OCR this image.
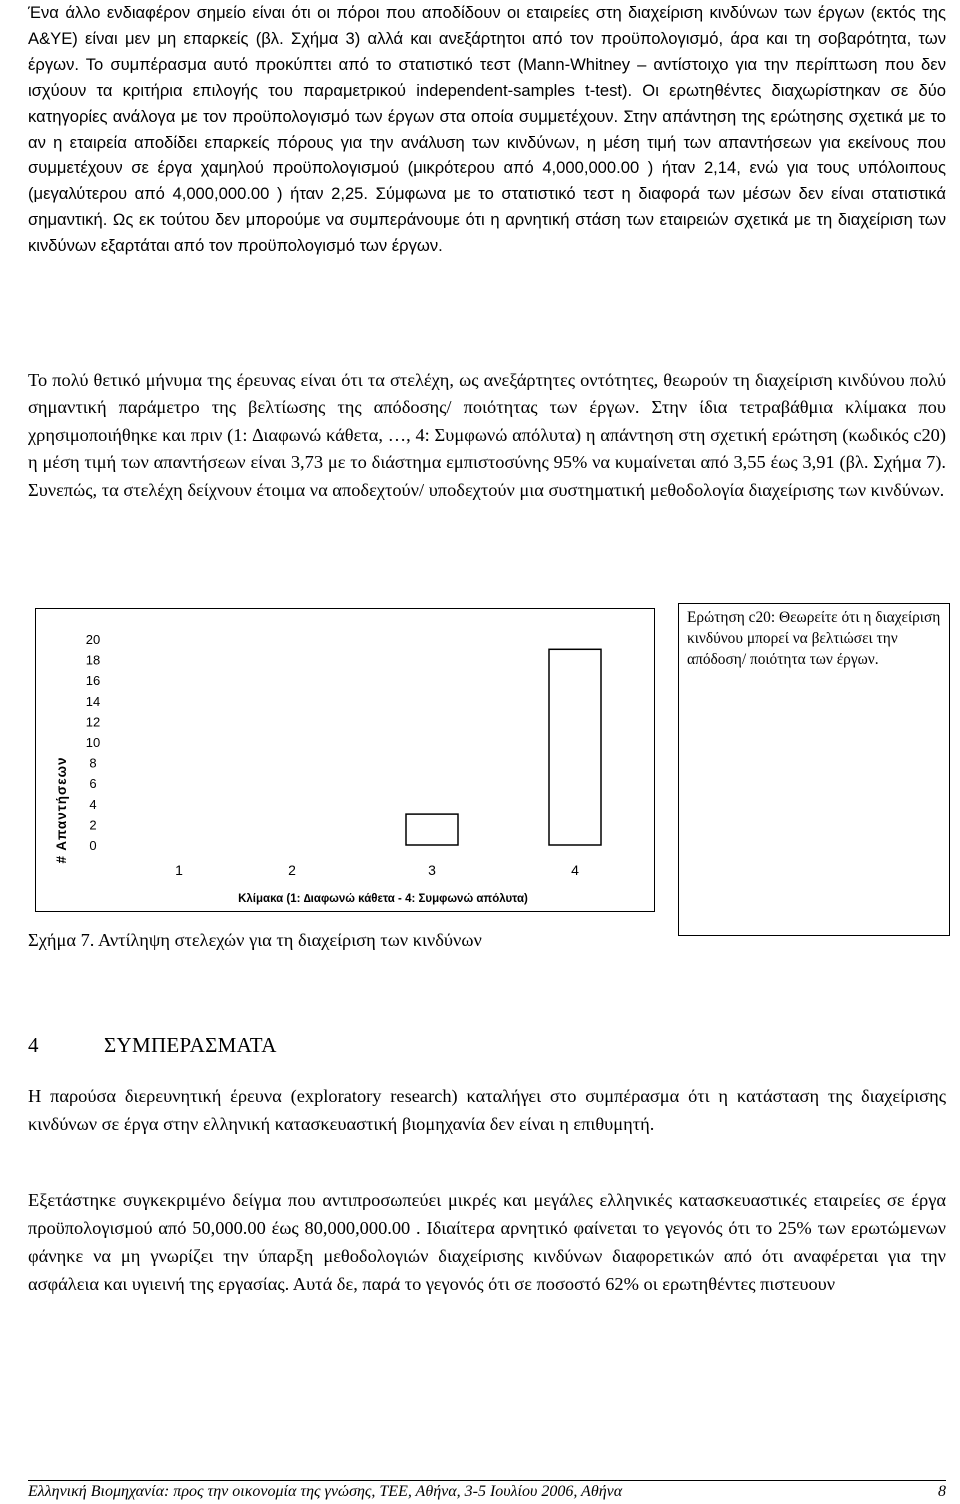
Ένα άλλο ενδιαφέρον σημείο είναι ότι οι πόροι που αποδίδουν οι εταιρείες στη διαχείριση κινδύνων των έργων (εκτός της Α&ΥΕ) είναι μεν μη επαρκείς (βλ. Σχήμα 3) αλλά και ανεξάρτητοι από τον προϋπολογισμό, άρα και τη σοβαρότητα, των έργων. Το συμπέρασμα αυτό προκύπτει από το στατιστικό τεστ (Mann-Whitney – αντίστοιχο για την περίπτωση που δεν ισχύουν τα κριτήρια επιλογής του παραμετρικού independent-samples t-test). Οι ερωτηθέντες διαχωρίστηκαν σε δύο κατηγορίες ανάλογα με τον προϋπολογισμό των έργων στα οποία συμμετέχουν. Στην απάντηση της ερώτησης σχετικά με το αν η εταιρεία αποδίδει επαρκείς πόρους για την ανάλυση των κινδύνων, η μέση τιμή των απαντήσεων για εκείνους που συμμετέχουν σε έργα χαμηλού προϋπολογισμού (μικρότερου από 4,000,000.00 ) ήταν 2,14, ενώ για τους υπόλοιπους (μεγαλύτερου από 4,000,000.00 ) ήταν 2,25. Σύμφωνα με το στατιστικό τεστ η διαφορά των μέσων δεν είναι στατιστικά σημαντική. Ως εκ τούτου δεν μπορούμε να συμπεράνουμε ότι η αρνητική στάση των εταιρειών σχετικά με τη διαχείριση των κινδύνων εξαρτάται από τον προϋπολογισμό των έργων.

Το πολύ θετικό μήνυμα της έρευνας είναι ότι τα στελέχη, ως ανεξάρτητες οντότητες, θεωρούν τη διαχείριση κινδύνου πολύ σημαντική παράμετρο της βελτίωσης της απόδοσης/ ποιότητας των έργων. Στην ίδια τετραβάθμια κλίμακα που χρησιμοποιήθηκε και πριν (1: ∆ιαφωνώ κάθετα, …, 4: Συμφωνώ απόλυτα) η απάντηση στη σχετική ερώτηση (κωδικός c20) η μέση τιμή των απαντήσεων είναι 3,73 με το διάστημα εμπιστοσύνης 95% να κυμαίνεται από 3,55 έως 3,91 (βλ. Σχήμα 7). Συνεπώς, τα στελέχη δείχνουν έτοιμα να αποδεχτούν/ υποδεχτούν μια συστηματική μεθοδολογία διαχείρισης των κινδύνων.

# Απαντήσεων
20
18
16
14
12
10
8
6
4
2
0
1	2	3	4
Κλίμακα (1: ∆ιαφωνώ κάθετα - 4: Συμφωνώ απόλυτα)
Ερώτηση c20: Θεωρείτε ότι η διαχείριση κινδύνου μπορεί να βελτιώσει την απόδοση/ ποιότητα των έργων.
Σχήμα 7. Αντίληψη στελεχών για τη διαχείριση των κινδύνων
4	ΣΥΜΠΕΡΑΣΜΑΤΑ

Η παρούσα διερευνητική έρευνα (exploratory research) καταλήγει στο συμπέρασμα ότι η κατάσταση της διαχείρισης κινδύνων σε έργα στην ελληνική κατασκευαστική βιομηχανία δεν είναι η επιθυμητή.

Εξετάστηκε συγκεκριμένο δείγμα που αντιπροσωπεύει μικρές και μεγάλες ελληνικές κατασκευαστικές εταιρείες σε έργα προϋπολογισμού από 50,000.00 έως 80,000,000.00 . Ιδιαίτερα αρνητικό φαίνεται το γεγονός ότι το 25% των ερωτώμενων φάνηκε να μη γνωρίζει την ύπαρξη μεθοδολογιών διαχείρισης κινδύνων διαφορετικών από ότι αναφέρεται για την ασφάλεια και υγιεινή της εργασίας. Αυτά δε, παρά το γεγονός ότι σε ποσοστό 62% οι ερωτηθέντες πιστευουν

Ελληνική Βιομηχανία: προς την οικονομία της γνώσης, ΤΕΕ, Αθήνα, 3-5 Ιουλίου 2006, Αθήνα	8
